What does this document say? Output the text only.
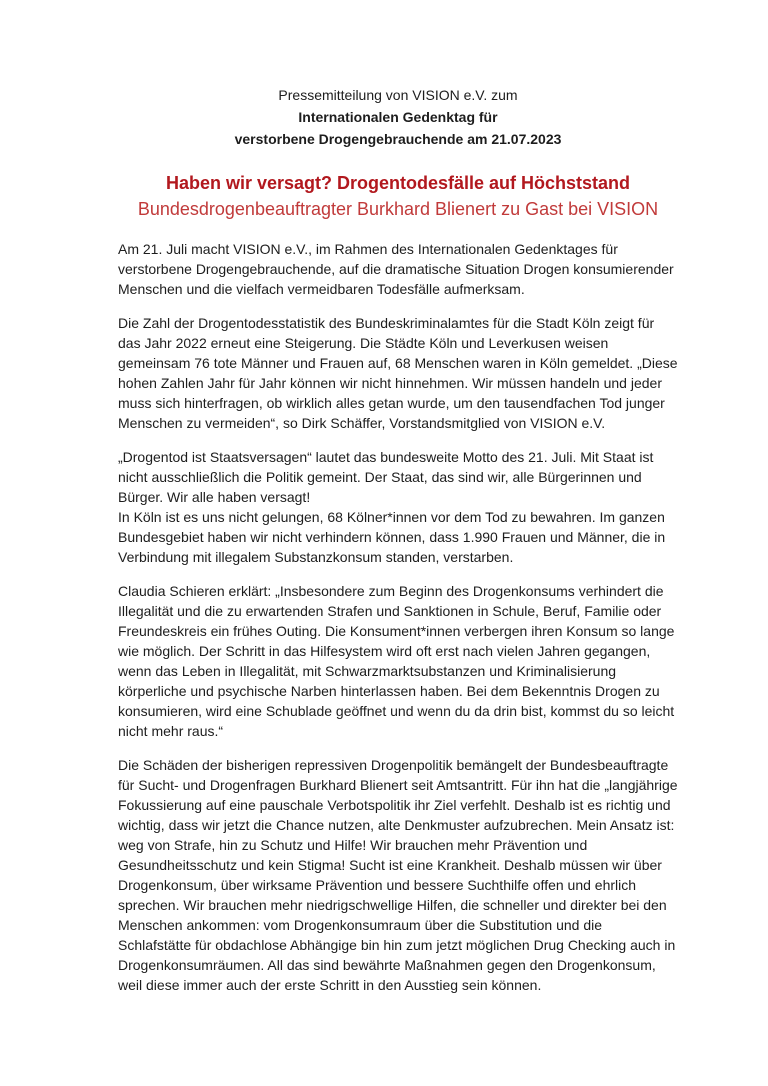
Pressemitteilung von VISION e.V. zum
Internationalen Gedenktag für
verstorbene Drogengebrauchende am 21.07.2023
Haben wir versagt? Drogentodesfälle auf Höchststand
Bundesdrogenbeauftragter Burkhard Blienert zu Gast bei VISION

Am 21. Juli macht VISION e.V., im Rahmen des Internationalen Gedenktages für verstorbene Drogengebrauchende, auf die dramatische Situation Drogen konsumierender Menschen und die vielfach vermeidbaren Todesfälle aufmerksam.

Die Zahl der Drogentodesstatistik des Bundeskriminalamtes für die Stadt Köln zeigt für das Jahr 2022 erneut eine Steigerung. Die Städte Köln und Leverkusen weisen gemeinsam 76 tote Männer und Frauen auf, 68 Menschen waren in Köln gemeldet. „Diese hohen Zahlen Jahr für Jahr können wir nicht hinnehmen. Wir müssen handeln und jeder muss sich hinterfragen, ob wirklich alles getan wurde, um den tausendfachen Tod junger Menschen zu vermeiden“, so Dirk Schäffer, Vorstandsmitglied von VISION e.V.

„Drogentod ist Staatsversagen“ lautet das bundesweite Motto des 21. Juli. Mit Staat ist nicht ausschließlich die Politik gemeint. Der Staat, das sind wir, alle Bürgerinnen und Bürger. Wir alle haben versagt!
In Köln ist es uns nicht gelungen, 68 Kölner*innen vor dem Tod zu bewahren. Im ganzen Bundesgebiet haben wir nicht verhindern können, dass 1.990 Frauen und Männer, die in Verbindung mit illegalem Substanzkonsum standen, verstarben.

Claudia Schieren erklärt: „Insbesondere zum Beginn des Drogenkonsums verhindert die Illegalität und die zu erwartenden Strafen und Sanktionen in Schule, Beruf, Familie oder Freundeskreis ein frühes Outing. Die Konsument*innen verbergen ihren Konsum so lange wie möglich. Der Schritt in das Hilfesystem wird oft erst nach vielen Jahren gegangen, wenn das Leben in Illegalität, mit Schwarzmarktsubstanzen und Kriminalisierung körperliche und psychische Narben hinterlassen haben. Bei dem Bekenntnis Drogen zu konsumieren, wird eine Schublade geöffnet und wenn du da drin bist, kommst du so leicht nicht mehr raus.“

Die Schäden der bisherigen repressiven Drogenpolitik bemängelt der Bundesbeauftragte für Sucht- und Drogenfragen Burkhard Blienert seit Amtsantritt. Für ihn hat die „langjährige Fokussierung auf eine pauschale Verbotspolitik ihr Ziel verfehlt. Deshalb ist es richtig und wichtig, dass wir jetzt die Chance nutzen, alte Denkmuster aufzubrechen. Mein Ansatz ist: weg von Strafe, hin zu Schutz und Hilfe! Wir brauchen mehr Prävention und Gesundheitsschutz und kein Stigma! Sucht ist eine Krankheit. Deshalb müssen wir über Drogenkonsum, über wirksame Prävention und bessere Suchthilfe offen und ehrlich sprechen. Wir brauchen mehr niedrigschwellige Hilfen, die schneller und direkter bei den Menschen ankommen: vom Drogenkonsumraum über die Substitution und die Schlafstätte für obdachlose Abhängige bin hin zum jetzt möglichen Drug Checking auch in Drogenkonsumräumen. All das sind bewährte Maßnahmen gegen den Drogenkonsum, weil diese immer auch der erste Schritt in den Ausstieg sein können.
